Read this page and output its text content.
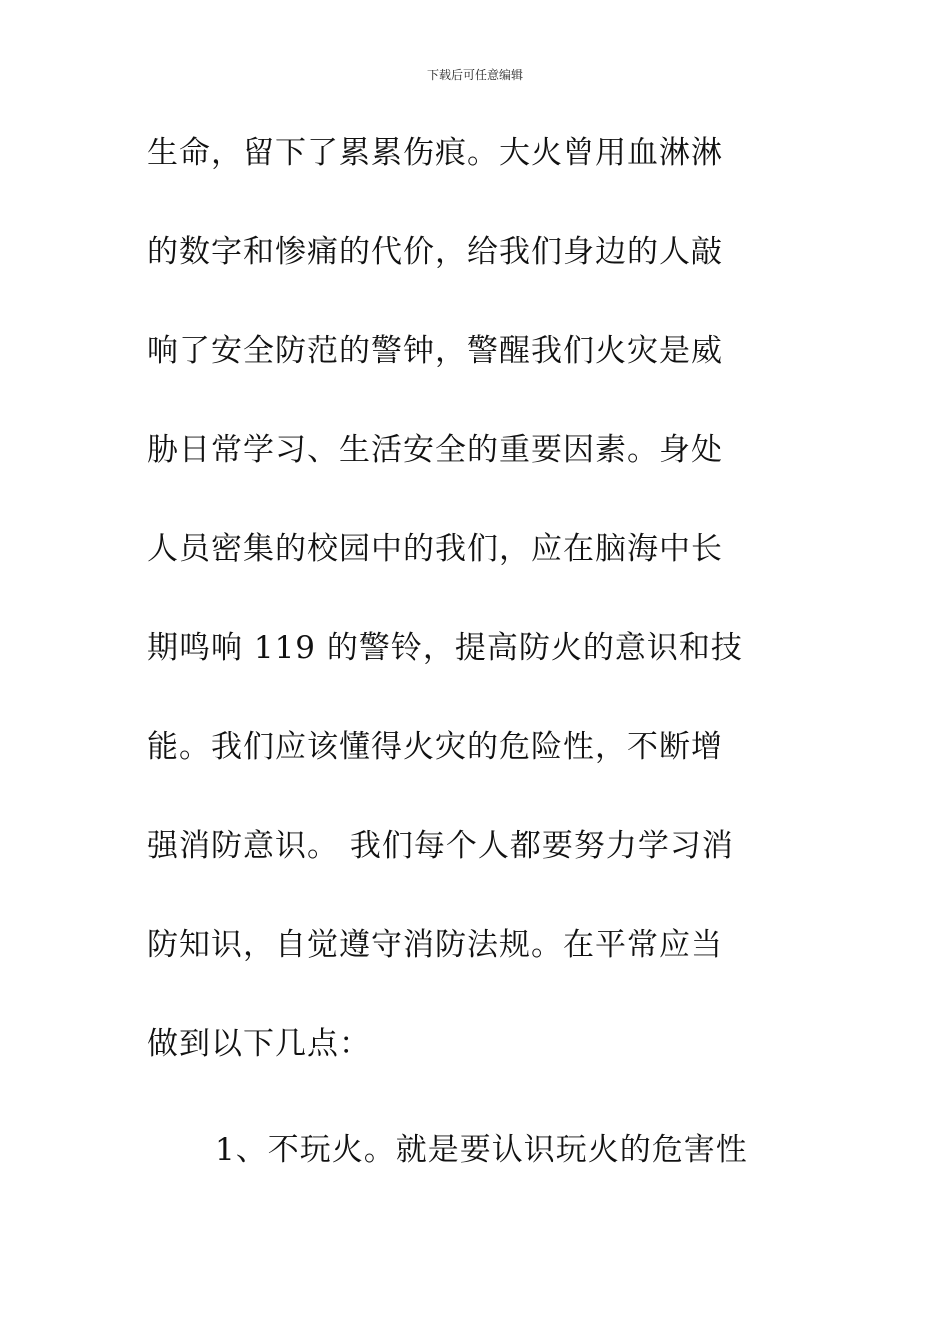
下载后可任意编辑
生命，留下了累累伤痕。大火曾用血淋淋
的数字和惨痛的代价，给我们身边的人敲
响了安全防范的警钟，警醒我们火灾是威
胁日常学习、生活安全的重要因素。身处
人员密集的校园中的我们，应在脑海中长
期鸣响 119 的警铃，提高防火的意识和技
能。我们应该懂得火灾的危险性，不断增
强消防意识。 我们每个人都要努力学习消
防知识，自觉遵守消防法规。在平常应当
做到以下几点：
1、不玩火。就是要认识玩火的危害性
